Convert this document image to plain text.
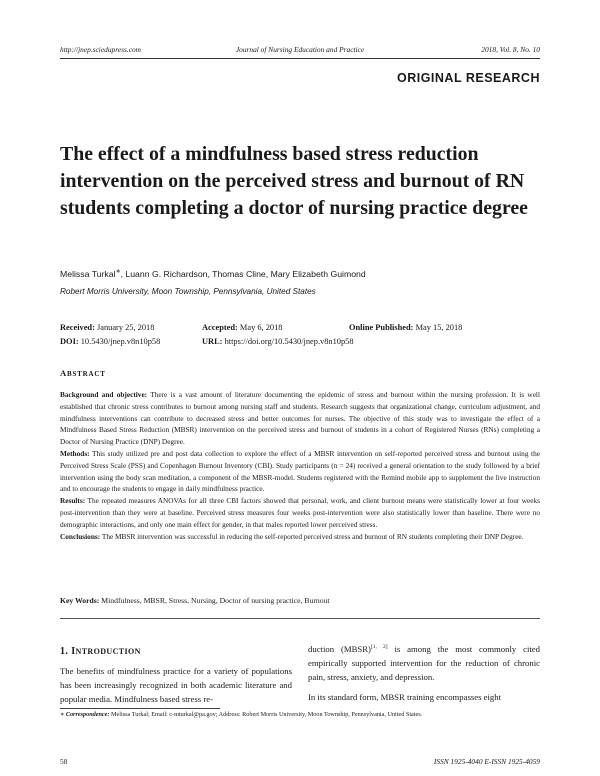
http://jnep.sciedupress.com	Journal of Nursing Education and Practice	2018, Vol. 8, No. 10
ORIGINAL RESEARCH
The effect of a mindfulness based stress reduction intervention on the perceived stress and burnout of RN students completing a doctor of nursing practice degree
Melissa Turkal∗, Luann G. Richardson, Thomas Cline, Mary Elizabeth Guimond
Robert Morris University, Moon Township, Pennsylvania, United States
Received: January 25, 2018	Accepted: May 6, 2018	Online Published: May 15, 2018
DOI: 10.5430/jnep.v8n10p58	URL: https://doi.org/10.5430/jnep.v8n10p58
ABSTRACT

Background and objective: There is a vast amount of literature documenting the epidemic of stress and burnout within the nursing profession. It is well established that chronic stress contributes to burnout among nursing staff and students. Research suggests that organizational change, curriculum adjustment, and mindfulness interventions can contribute to decreased stress and better outcomes for nurses. The objective of this study was to investigate the effect of a Mindfulness Based Stress Reduction (MBSR) intervention on the perceived stress and burnout of students in a cohort of Registered Nurses (RNs) completing a Doctor of Nursing Practice (DNP) Degree.

Methods: This study utilized pre and post data collection to explore the effect of a MBSR intervention on self-reported perceived stress and burnout using the Perceived Stress Scale (PSS) and Copenhagen Burnout Inventory (CBI). Study participants (n = 24) received a general orientation to the study followed by a brief intervention using the body scan meditation, a component of the MBSR-model. Students registered with the Remind mobile app to supplement the live instruction and to encourage the students to engage in daily mindfulness practice.

Results: The repeated measures ANOVAs for all three CBI factors showed that personal, work, and client burnout means were statistically lower at four weeks post-intervention than they were at baseline. Perceived stress measures four weeks post-intervention were also statistically lower than baseline. There were no demographic interactions, and only one main effect for gender, in that males reported lower perceived stress.

Conclusions: The MBSR intervention was successful in reducing the self-reported perceived stress and burnout of RN students completing their DNP Degree.

Key Words: Mindfulness, MBSR, Stress, Nursing, Doctor of nursing practice, Burnout
1. INTRODUCTION

The benefits of mindfulness practice for a variety of populations has been increasingly recognized in both academic literature and popular media. Mindfulness based stress re-

duction (MBSR)[1, 2] is among the most commonly cited empirically supported intervention for the reduction of chronic pain, stress, anxiety, and depression.

In its standard form, MBSR training encompasses eight

∗ Correspondence: Melissa Turkal; Email: c-mturkal@pa.gov; Address: Robert Morris University, Moon Township, Pennsylvania, United States.
58	ISSN 1925-4040 E-ISSN 1925-4059
